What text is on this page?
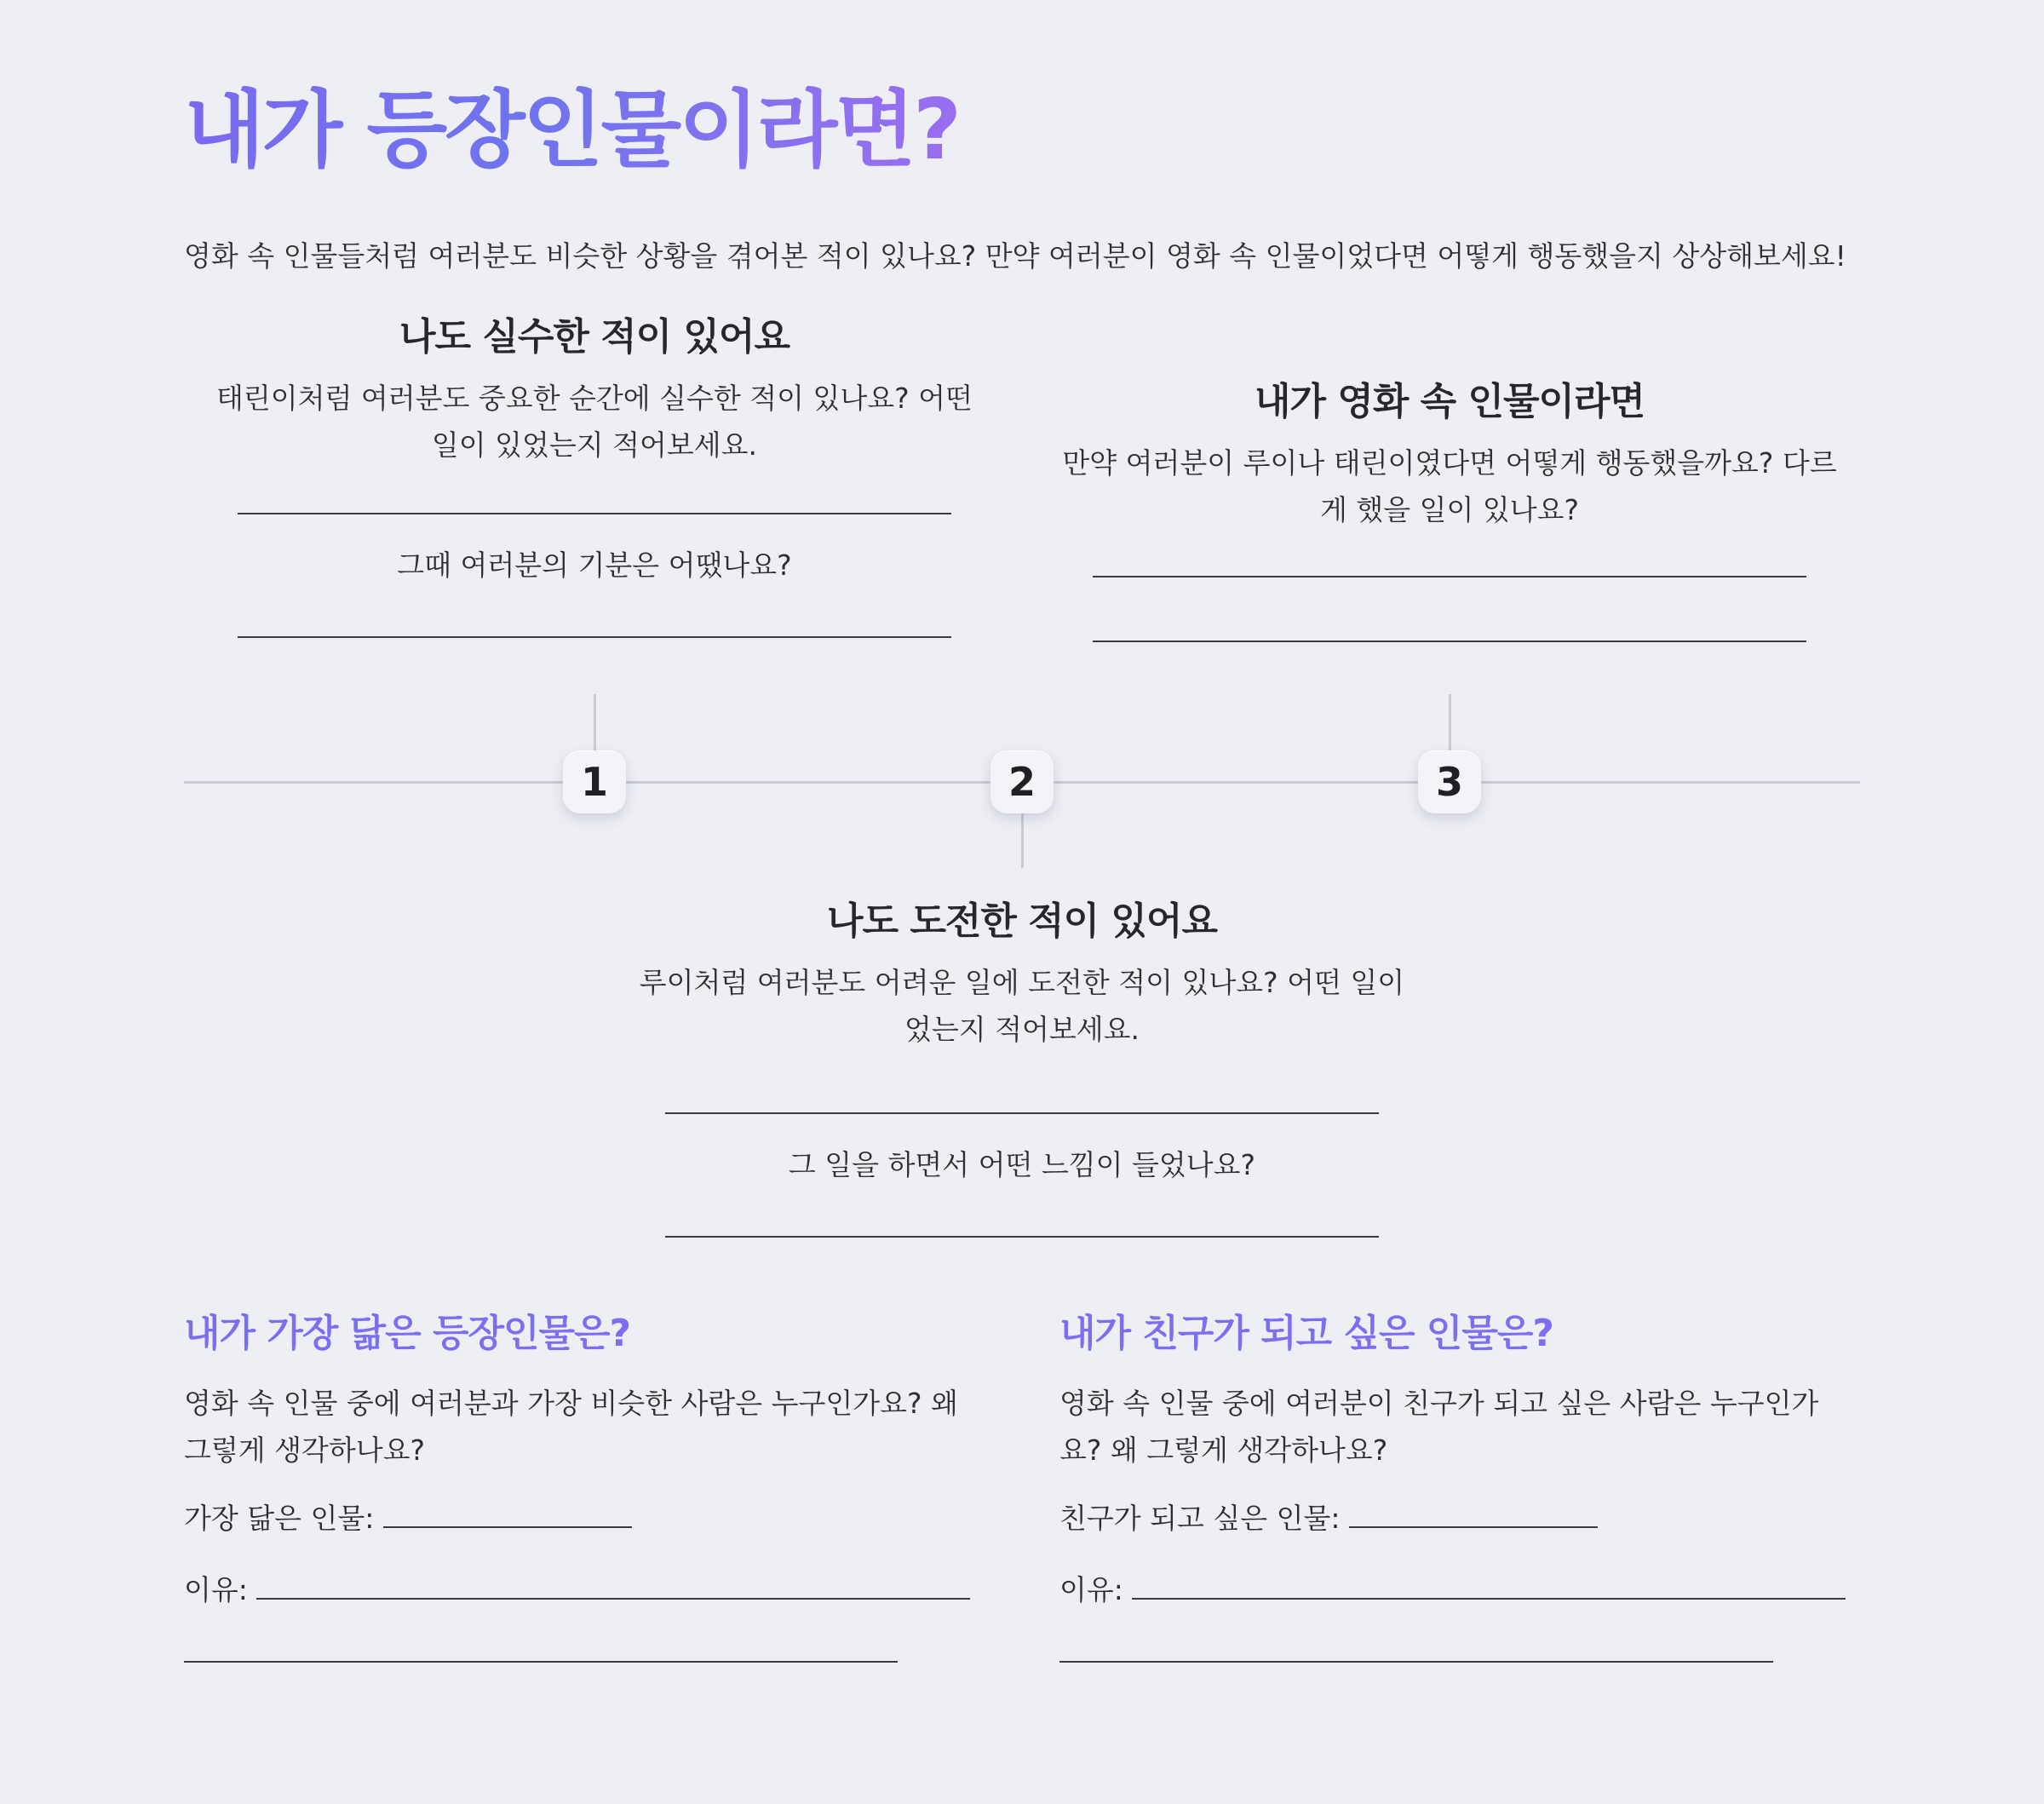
내가 등장인물이라면?
영화 속 인물들처럼 여러분도 비슷한 상황을 겪어본 적이 있나요? 만약 여러분이 영화 속 인물이었다면 어떻게 행동했을지 상상해보세요!
나도 실수한 적이 있어요

태린이처럼 여러분도 중요한 순간에 실수한 적이 있나요? 어떤 일이 있었는지 적어보세요.

그때 여러분의 기분은 어땠나요?

내가 영화 속 인물이라면

만약 여러분이 루이나 태린이였다면 어떻게 행동했을까요? 다르게 했을 일이 있나요?

1	2	3
나도 도전한 적이 있어요

루이처럼 여러분도 어려운 일에 도전한 적이 있나요? 어떤 일이 었는지 적어보세요.

그 일을 하면서 어떤 느낌이 들었나요?

내가 가장 닮은 등장인물은?

영화 속 인물 중에 여러분과 가장 비슷한 사람은 누구인가요? 왜 그렇게 생각하나요?

가장 닮은 인물:
이유:
내가 친구가 되고 싶은 인물은?

영화 속 인물 중에 여러분이 친구가 되고 싶은 사람은 누구인가요? 왜 그렇게 생각하나요?

친구가 되고 싶은 인물:
이유:
